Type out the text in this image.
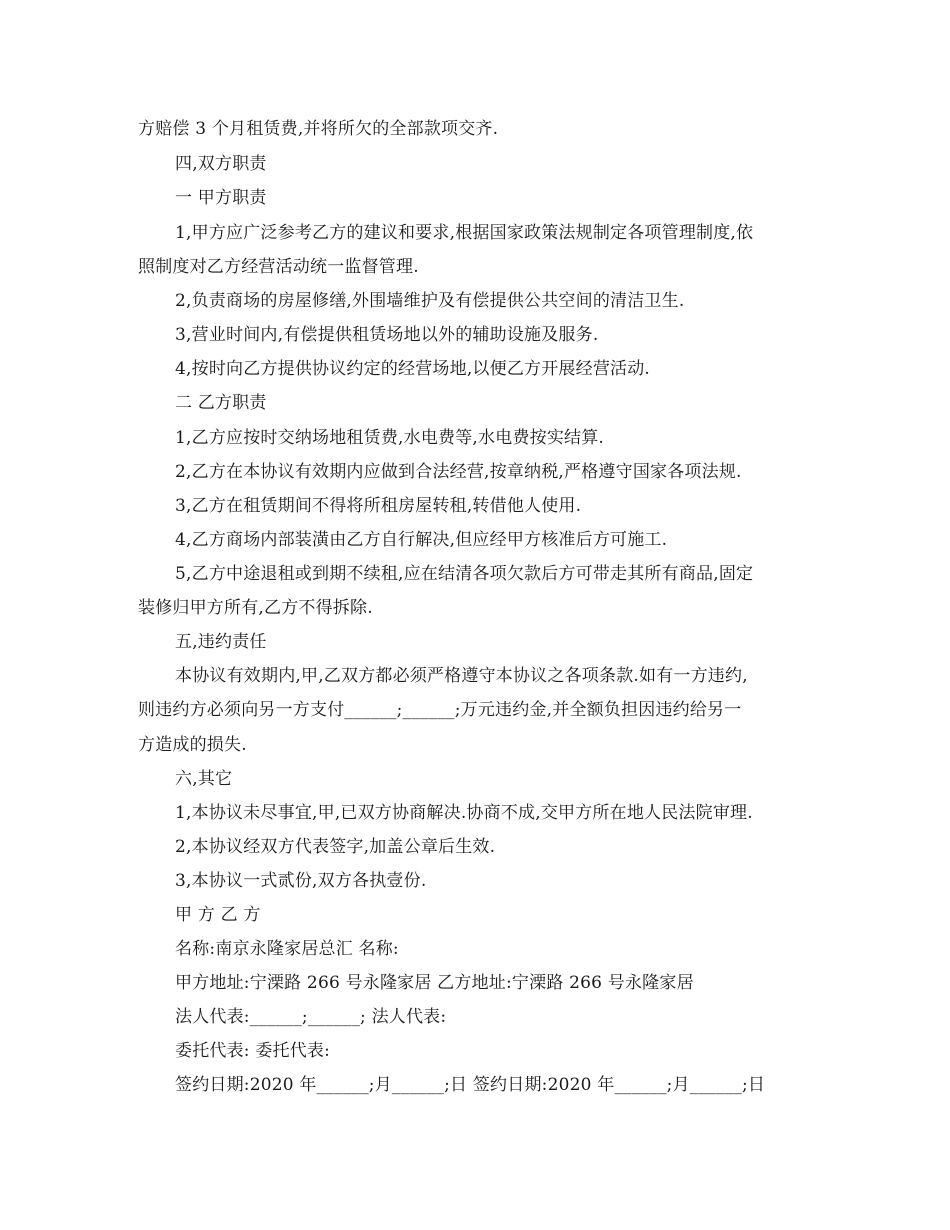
方赔偿 3 个月租赁费,并将所欠的全部款项交齐.
四,双方职责
一 甲方职责
1,甲方应广泛参考乙方的建议和要求,根据国家政策法规制定各项管理制度,依
照制度对乙方经营活动统一监督管理.
2,负责商场的房屋修缮,外围墙维护及有偿提供公共空间的清洁卫生.
3,营业时间内,有偿提供租赁场地以外的辅助设施及服务.
4,按时向乙方提供协议约定的经营场地,以便乙方开展经营活动.
二 乙方职责
1,乙方应按时交纳场地租赁费,水电费等,水电费按实结算.
2,乙方在本协议有效期内应做到合法经营,按章纳税,严格遵守国家各项法规.
3,乙方在租赁期间不得将所租房屋转租,转借他人使用.
4,乙方商场内部装潢由乙方自行解决,但应经甲方核准后方可施工.
5,乙方中途退租或到期不续租,应在结清各项欠款后方可带走其所有商品,固定
装修归甲方所有,乙方不得拆除.
五,违约责任
本协议有效期内,甲,乙双方都必须严格遵守本协议之各项条款.如有一方违约,
则违约方必须向另一方支付______;______;万元违约金,并全额负担因违约给另一
方造成的损失.
六,其它
1,本协议未尽事宜,甲,已双方协商解决.协商不成,交甲方所在地人民法院审理.
2,本协议经双方代表签字,加盖公章后生效.
3,本协议一式贰份,双方各执壹份.
甲 方 乙 方
名称:南京永隆家居总汇 名称:
甲方地址:宁溧路 266 号永隆家居 乙方地址:宁溧路 266 号永隆家居
法人代表:______;______; 法人代表:
委托代表: 委托代表:
签约日期:2020 年______;月______;日 签约日期:2020 年______;月______;日
